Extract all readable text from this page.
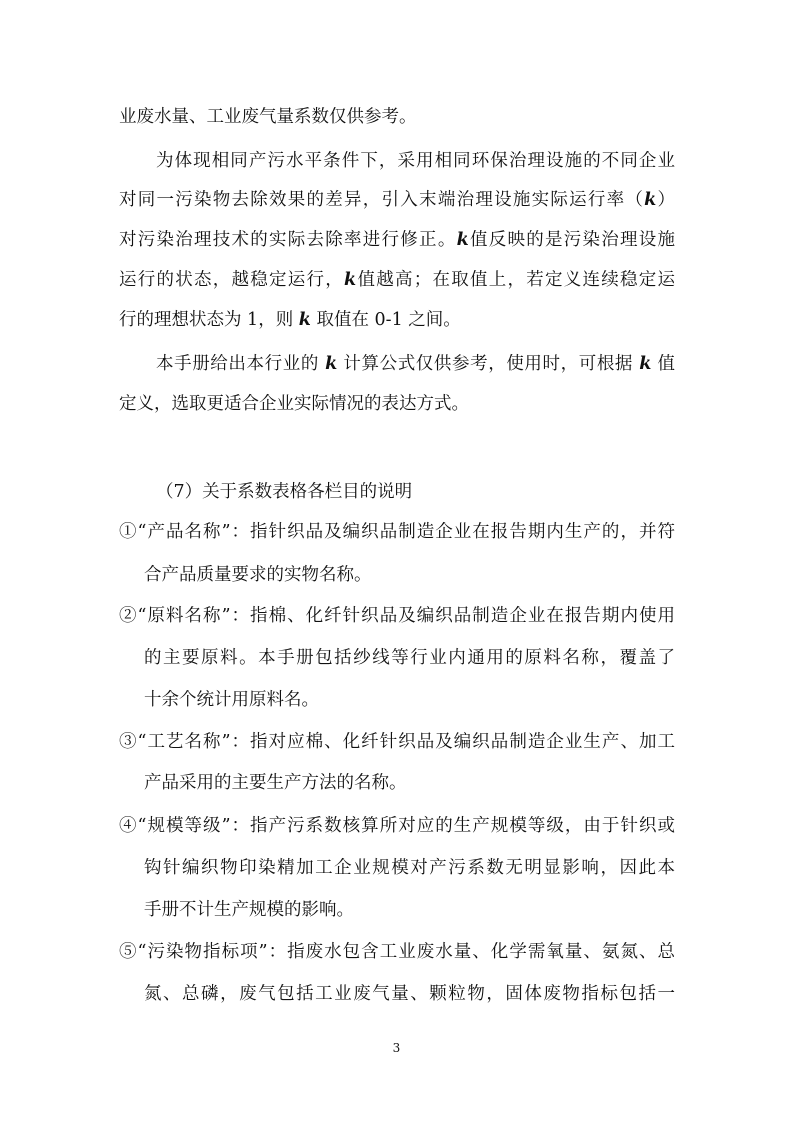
业废水量、工业废气量系数仅供参考。
为体现相同产污水平条件下，采用相同环保治理设施的不同企业
对同一污染物去除效果的差异，引入末端治理设施实际运行率（k）
对污染治理技术的实际去除率进行修正。k值反映的是污染治理设施
运行的状态，越稳定运行，k值越高；在取值上，若定义连续稳定运
行的理想状态为 1，则 k 取值在 0-1 之间。
本手册给出本行业的 k 计算公式仅供参考，使用时，可根据 k 值
定义，选取更适合企业实际情况的表达方式。
（7）关于系数表格各栏目的说明
①“产品名称”：指针织品及编织品制造企业在报告期内生产的，并符
合产品质量要求的实物名称。
②“原料名称”：指棉、化纤针织品及编织品制造企业在报告期内使用
的主要原料。本手册包括纱线等行业内通用的原料名称，覆盖了
十余个统计用原料名。
③“工艺名称”：指对应棉、化纤针织品及编织品制造企业生产、加工
产品采用的主要生产方法的名称。
④“规模等级”：指产污系数核算所对应的生产规模等级，由于针织或
钩针编织物印染精加工企业规模对产污系数无明显影响，因此本
手册不计生产规模的影响。
⑤“污染物指标项”：指废水包含工业废水量、化学需氧量、氨氮、总
氮、总磷，废气包括工业废气量、颗粒物，固体废物指标包括一
3
